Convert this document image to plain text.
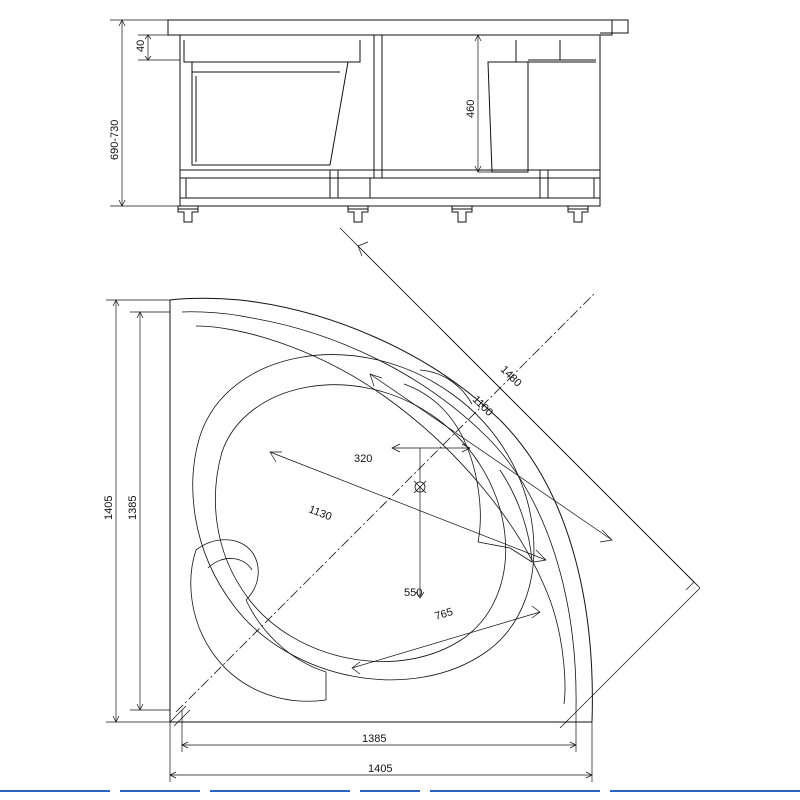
40
690-730
460
1480
1100
1130
320
550
765
1405 1385
1385
1405
